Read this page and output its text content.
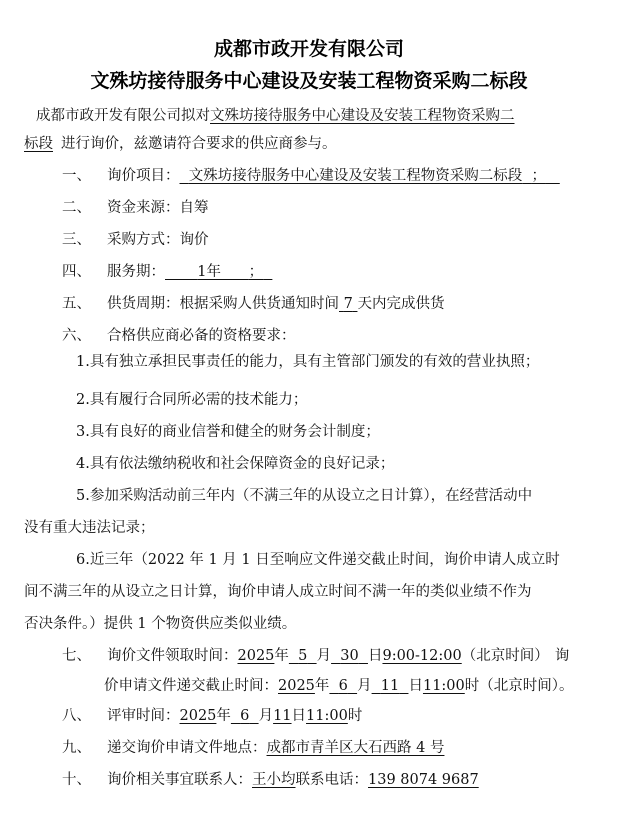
成都市政开发有限公司
文殊坊接待服务中心建设及安装工程物资采购二标段
成都市政开发有限公司拟对文殊坊接待服务中心建设及安装工程物资采购二
标段 进行询价，兹邀请符合要求的供应商参与。
一、 询价项目： 文殊坊接待服务中心建设及安装工程物资采购二标段 ；
二、 资金来源：自筹
三、 采购方式：询价
四、 服务期： 1年 ；
五、 供货周期：根据采购人供货通知时间 7 天内完成供货
六、 合格供应商必备的资格要求：
1.具有独立承担民事责任的能力，具有主管部门颁发的有效的营业执照；
2.具有履行合同所必需的技术能力；
3.具有良好的商业信誉和健全的财务会计制度；
4.具有依法缴纳税收和社会保障资金的良好记录；
5.参加采购活动前三年内（不满三年的从设立之日计算），在经营活动中
没有重大违法记录；
6.近三年（2022 年 1 月 1 日至响应文件递交截止时间，询价申请人成立时
间不满三年的从设立之日计算，询价申请人成立时间不满一年的类似业绩不作为
否决条件。）提供 1 个物资供应类似业绩。
七、 询价文件领取时间：2025年 5 月 30 日9:00-12:00（北京时间） 询
价申请文件递交截止时间：2025年 6 月 11 日11:00时（北京时间）。
八、 评审时间：2025年 6 月11日11:00时
九、 递交询价申请文件地点：成都市青羊区大石西路 4 号
十、 询价相关事宜联系人：王小均联系电话：139 8074 9687
